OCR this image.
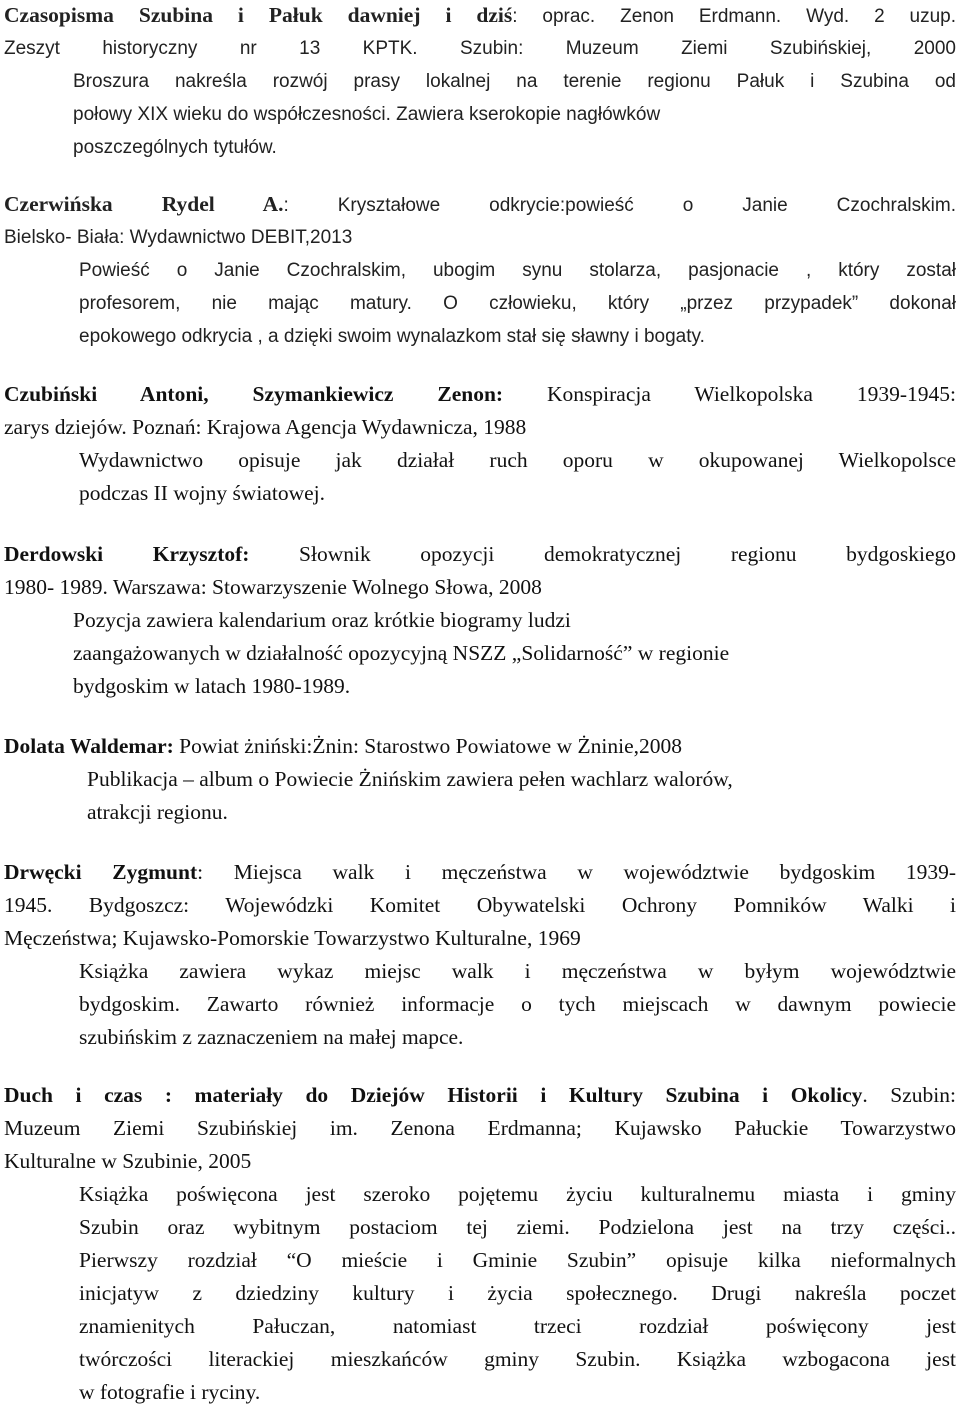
Czasopisma Szubina i Pałuk dawniej i dziś: oprac. Zenon Erdmann. Wyd. 2 uzup.
Zeszyt historyczny nr 13 KPTK. Szubin: Muzeum Ziemi Szubińskiej, 2000
Broszura nakreśla rozwój prasy lokalnej na terenie regionu Pałuk i Szubina od
połowy XIX wieku do współczesności. Zawiera kserokopie nagłówków
poszczególnych tytułów.
Czerwińska Rydel A.: Kryształowe odkrycie:powieść o Janie Czochralskim.
Bielsko- Biała: Wydawnictwo DEBIT,2013
Powieść o Janie Czochralskim, ubogim synu stolarza, pasjonacie , który został
profesorem, nie mając matury. O człowieku, który „przez przypadek” dokonał
epokowego odkrycia , a dzięki swoim wynalazkom stał się sławny i bogaty.
Czubiński Antoni, Szymankiewicz Zenon: Konspiracja Wielkopolska 1939-1945:
zarys dziejów. Poznań: Krajowa Agencja Wydawnicza, 1988
Wydawnictwo opisuje jak działał ruch oporu w okupowanej Wielkopolsce
podczas II wojny światowej.
Derdowski Krzysztof: Słownik opozycji demokratycznej regionu bydgoskiego
1980- 1989. Warszawa: Stowarzyszenie Wolnego Słowa, 2008
Pozycja zawiera kalendarium oraz krótkie biogramy ludzi
zaangażowanych w działalność opozycyjną NSZZ „Solidarność” w regionie
bydgoskim w latach 1980-1989.
Dolata Waldemar: Powiat żniński:Żnin: Starostwo Powiatowe w Żninie,2008
Publikacja – album o Powiecie Żnińskim zawiera pełen wachlarz walorów,
atrakcji regionu.
Drwęcki Zygmunt: Miejsca walk i męczeństwa w województwie bydgoskim 1939-
1945. Bydgoszcz: Wojewódzki Komitet Obywatelski Ochrony Pomników Walki i
Męczeństwa; Kujawsko-Pomorskie Towarzystwo Kulturalne, 1969
Książka zawiera wykaz miejsc walk i męczeństwa w byłym województwie
bydgoskim. Zawarto również informacje o tych miejscach w dawnym powiecie
szubińskim z zaznaczeniem na małej mapce.
Duch i czas : materiały do Dziejów Historii i Kultury Szubina i Okolicy. Szubin:
Muzeum Ziemi Szubińskiej im. Zenona Erdmanna; Kujawsko Pałuckie Towarzystwo
Kulturalne w Szubinie, 2005
Książka poświęcona jest szeroko pojętemu życiu kulturalnemu miasta i gminy
Szubin oraz wybitnym postaciom tej ziemi. Podzielona jest na trzy części..
Pierwszy rozdział “O mieście i Gminie Szubin” opisuje kilka nieformalnych
inicjatyw z dziedziny kultury i życia społecznego. Drugi nakreśla poczet
znamienitych Pałuczan, natomiast trzeci rozdział poświęcony jest
twórczości literackiej mieszkańców gminy Szubin. Książka wzbogacona jest
w fotografie i ryciny.
